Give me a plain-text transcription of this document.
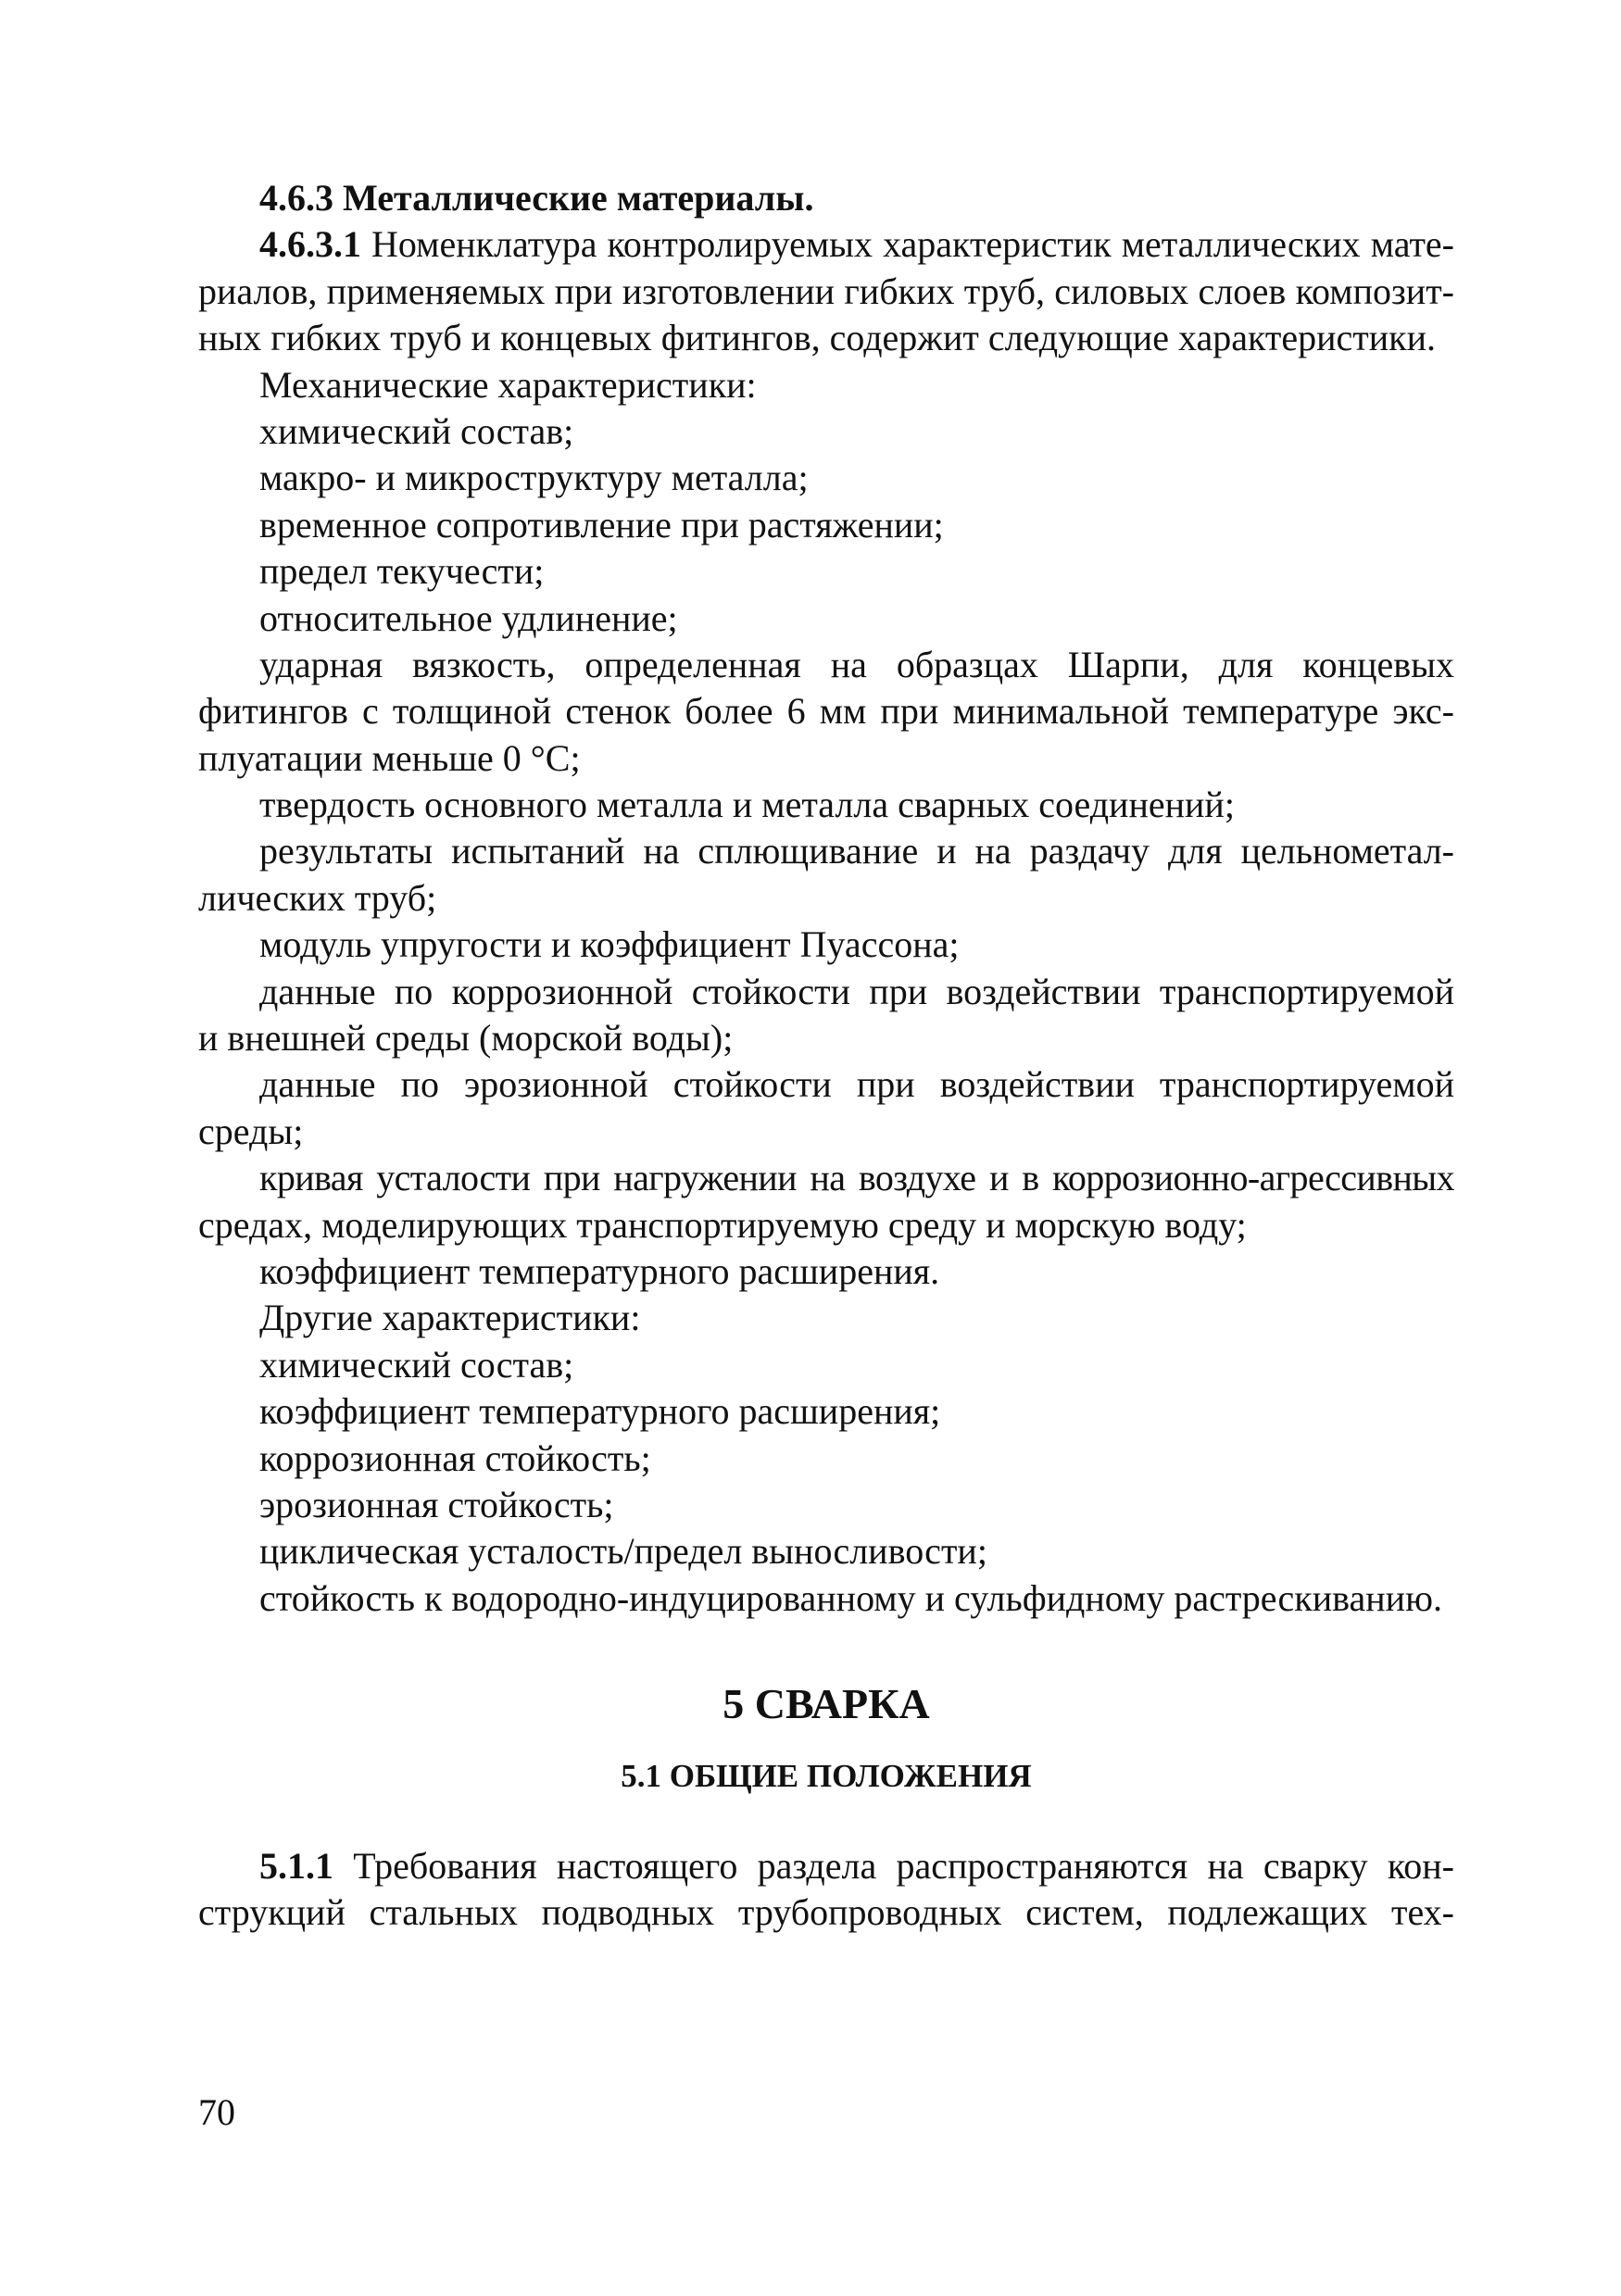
4.6.3 Металлические материалы.
4.6.3.1 Номенклатура контролируемых характеристик металлических мате-
риалов, применяемых при изготовлении гибких труб, силовых слоев композит-
ных гибких труб и концевых фитингов, содержит следующие характеристики.
Механические характеристики:
химический состав;
макро- и микроструктуру металла;
временное сопротивление при растяжении;
предел текучести;
относительное удлинение;
ударная вязкость, определенная на образцах Шарпи, для концевых
фитингов с толщиной стенок более 6 мм при минимальной температуре экс-
плуатации меньше 0 °С;
твердость основного металла и металла сварных соединений;
результаты испытаний на сплющивание и на раздачу для цельнометал-
лических труб;
модуль упругости и коэффициент Пуассона;
данные по коррозионной стойкости при воздействии транспортируемой
и внешней среды (морской воды);
данные по эрозионной стойкости при воздействии транспортируемой
среды;
кривая усталости при нагружении на воздухе и в коррозионно-агрессивных
средах, моделирующих транспортируемую среду и морскую воду;
коэффициент температурного расширения.
Другие характеристики:
химический состав;
коэффициент температурного расширения;
коррозионная стойкость;
эрозионная стойкость;
циклическая усталость/предел выносливости;
стойкость к водородно-индуцированному и сульфидному растрескиванию.
5 СВАРКА
5.1 ОБЩИЕ ПОЛОЖЕНИЯ
5.1.1 Требования настоящего раздела распространяются на сварку кон-
струкций стальных подводных трубопроводных систем, подлежащих тех-
70
